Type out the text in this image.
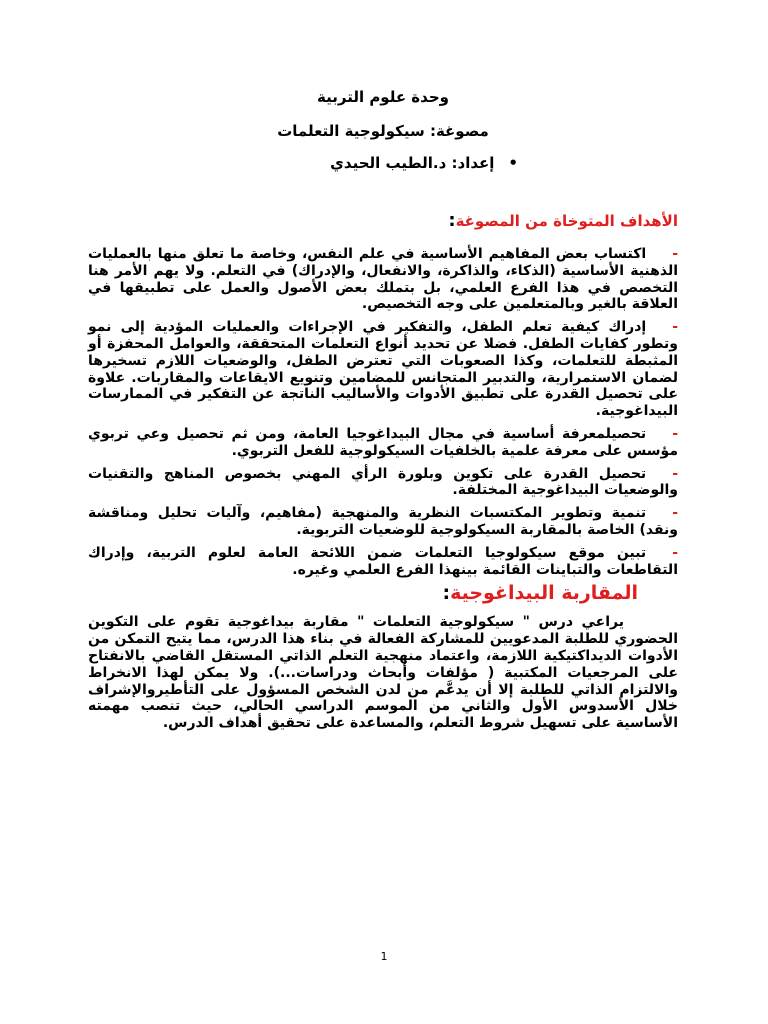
وحدة علوم التربية
مصوغة: سيكولوجية التعلمات
•إعداد: د.الطيب الحيدي
الأهداف المتوخاة من المصوغة:

-اكتساب بعض المفاهيم الأساسية في علم النفس، وخاصة ما تعلق منها بالعمليات الذهنية الأساسية (الذكاء، والذاكرة، والانفعال، والإدراك) في التعلم. ولا يهم الأمر هنا التخصص في هذا الفرع العلمي، بل بتملك بعض الأصول والعمل على تطبيقها في العلاقة بالغير وبالمتعلمين على وجه التخصيص.

-إدراك كيفية تعلم الطفل، والتفكير في الإجراءات والعمليات المؤدية إلى نمو وتطور كفايات الطفل. فضلا عن تحديد أنواع التعلمات المتحققة، والعوامل المحفزة أو المثبطة للتعلمات، وكذا الصعوبات التي تعترض الطفل، والوضعيات اللازم تسخيرها لضمان الاستمرارية، والتدبير المتجانس للمضامين وتنويع الايقاعات والمقاربات. علاوة على تحصيل القدرة على تطبيق الأدوات والأساليب الناتجة عن التفكير في الممارسات البيداغوجية.

-تحصيلمعرفة أساسية في مجال البيداغوجيا العامة، ومن ثم تحصيل وعي تربوي مؤسس على معرفة علمية بالخلفيات السيكولوجية للفعل التربوي.

-تحصيل القدرة على تكوين وبلورة الرأي المهني بخصوص المناهج والتقنيات والوضعيات البيداغوجية المختلفة.

-تنمية وتطوير المكتسبات النظرية والمنهجية (مفاهيم، وآليات تحليل ومناقشة ونقد) الخاصة بالمقاربة السيكولوجية للوضعيات التربوية.

-تبين موقع سيكولوجيا التعلمات ضمن اللائحة العامة لعلوم التربية، وإدراك التقاطعات والتباينات القائمة بينهذا الفرع العلمي وغيره.

المقاربة البيداغوجية:

يراعي درس " سيكولوجية التعلمات " مقاربة بيداغوجية تقوم على التكوين الحضوري للطلبة المدعويين للمشاركة الفعالة في بناء هذا الدرس، مما يتيح التمكن من الأدوات الديداكتيكية اللازمة، واعتماد منهجية التعلم الذاتي المستقل القاضي بالانفتاح على المرجعيات المكتبية ( مؤلفات وأبحاث ودراسات...). ولا يمكن لهذا الانخراط والالتزام الذاتي للطلبة إلا أن يدعَّم من لدن الشخص المسؤول على التأطيروالإشراف خلال الأسدوس الأول والثاني من الموسم الدراسي الحالي، حيث تنصب مهمته الأساسية على تسهيل شروط التعلم، والمساعدة على تحقيق أهداف الدرس.

1
